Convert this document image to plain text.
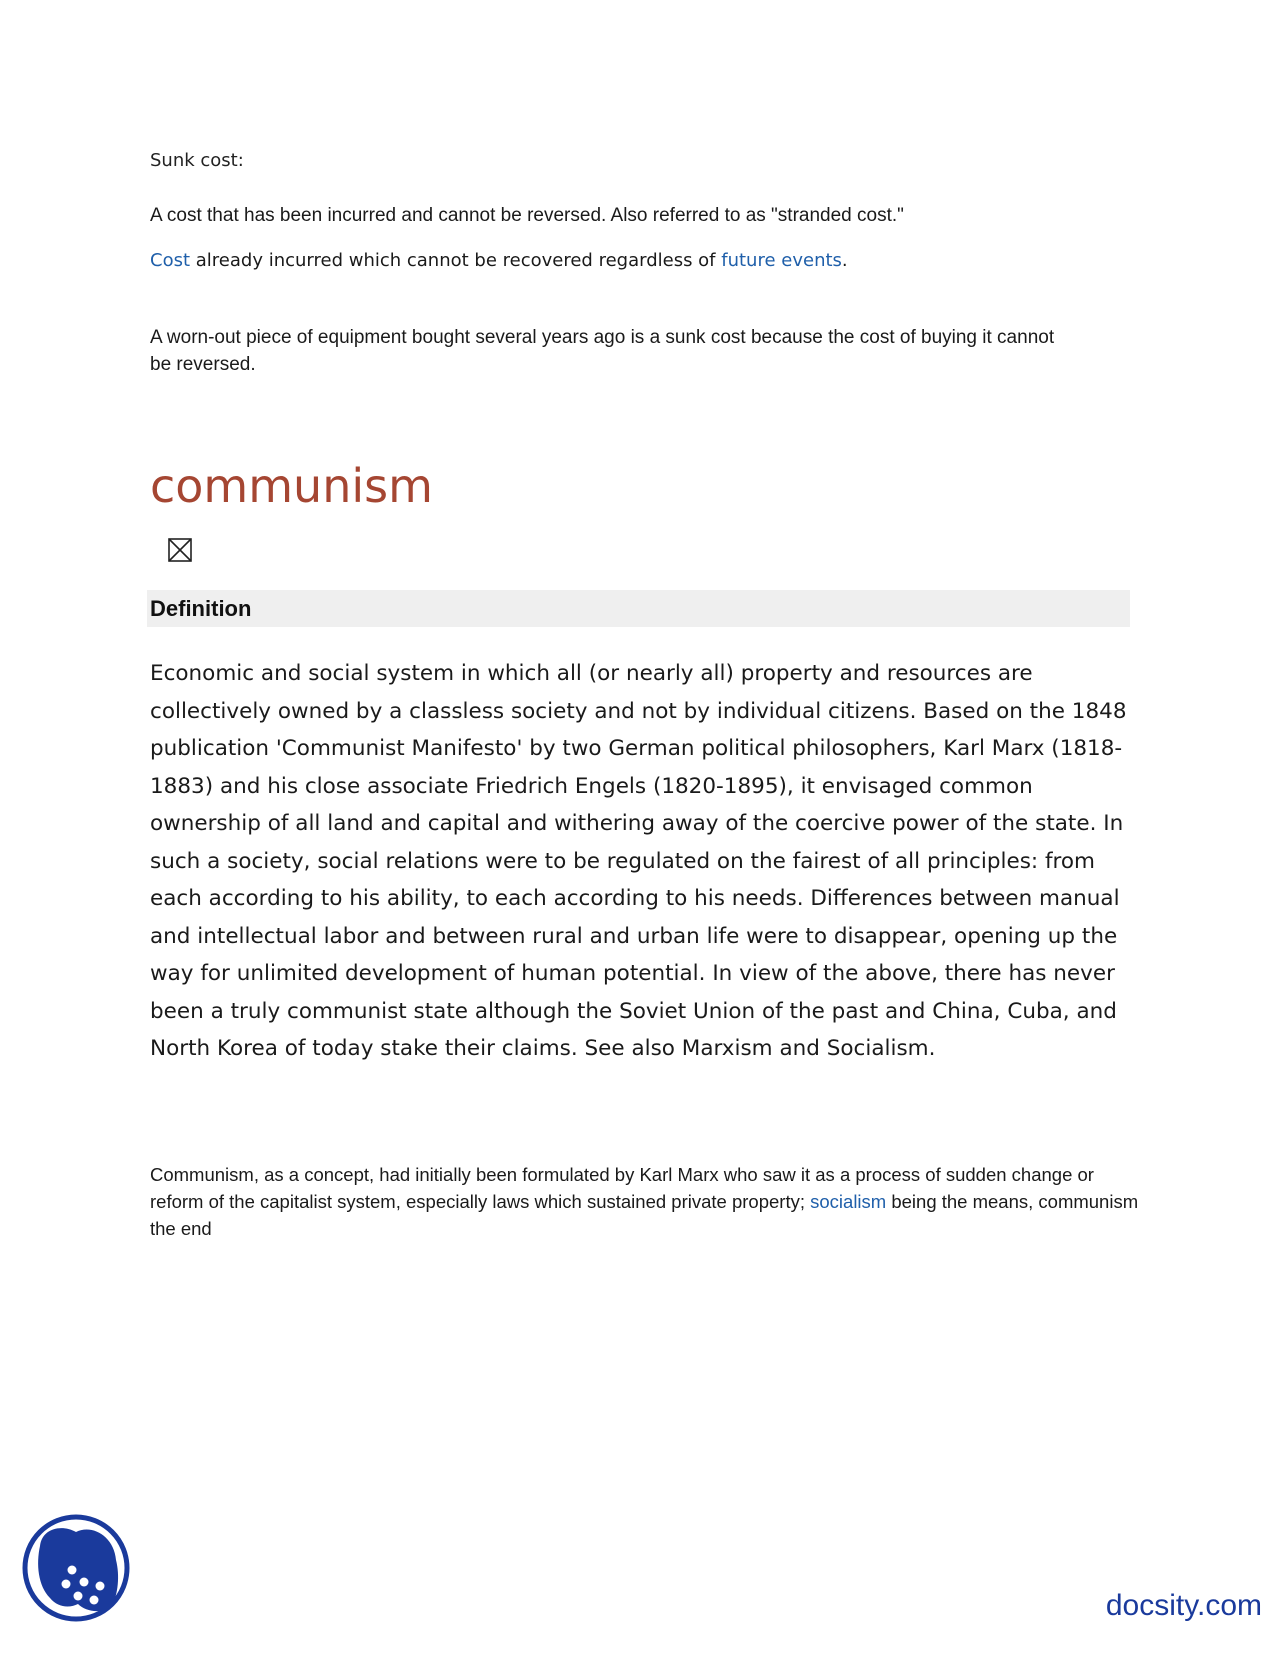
Sunk cost:

A cost that has been incurred and cannot be reversed. Also referred to as "stranded cost."

Cost already incurred which cannot be recovered regardless of future events.

A worn-out piece of equipment bought several years ago is a sunk cost because the cost of buying it cannot be reversed.

communism
Definition

Economic and social system in which all (or nearly all) property and resources are collectively owned by a classless society and not by individual citizens. Based on the 1848 publication 'Communist Manifesto' by two German political philosophers, Karl Marx (1818-1883) and his close associate Friedrich Engels (1820-1895), it envisaged common ownership of all land and capital and withering away of the coercive power of the state. In such a society, social relations were to be regulated on the fairest of all principles: from each according to his ability, to each according to his needs. Differences between manual and intellectual labor and between rural and urban life were to disappear, opening up the way for unlimited development of human potential. In view of the above, there has never been a truly communist state although the Soviet Union of the past and China, Cuba, and North Korea of today stake their claims. See also Marxism and Socialism.

Communism, as a concept, had initially been formulated by Karl Marx who saw it as a process of sudden change or reform of the capitalist system, especially laws which sustained private property; socialism being the means, communism the end

docsity.com
